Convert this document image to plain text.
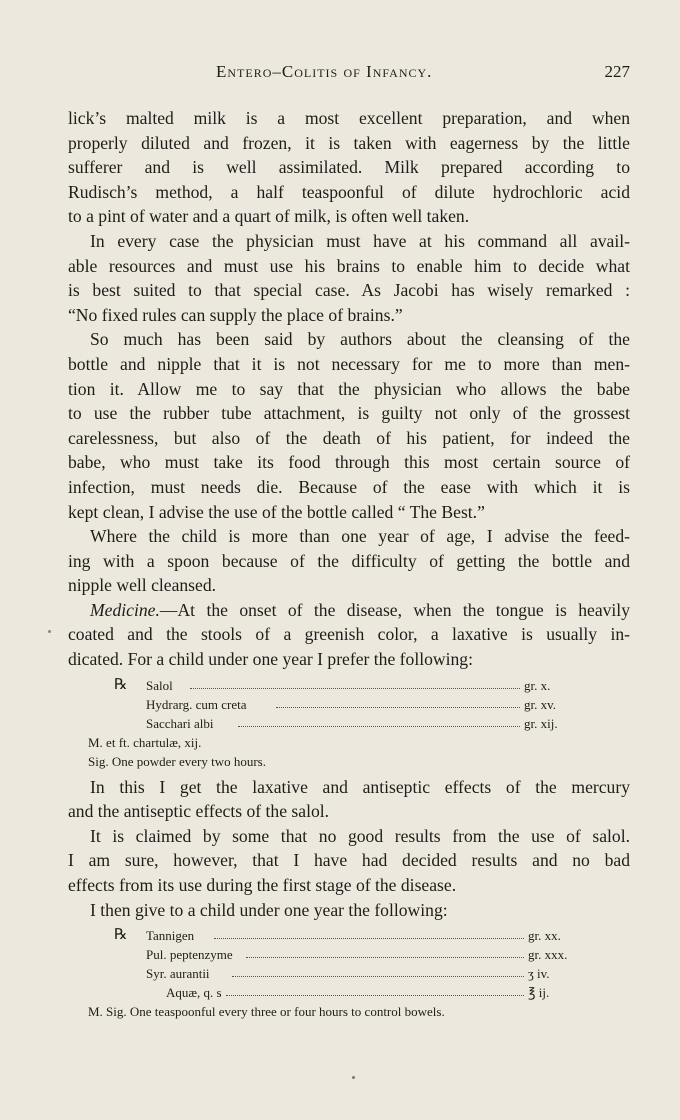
Entero–Colitis of Infancy.	227
lick’s malted milk is a most excellent preparation, and when
properly diluted and frozen, it is taken with eagerness by the little
sufferer and is well assimilated. Milk prepared according to
Rudisch’s method, a half teaspoonful of dilute hydrochloric acid
to a pint of water and a quart of milk, is often well taken.
In every case the physician must have at his command all avail-
able resources and must use his brains to enable him to decide what
is best suited to that special case. As Jacobi has wisely remarked :
“No fixed rules can supply the place of brains.”
So much has been said by authors about the cleansing of the
bottle and nipple that it is not necessary for me to more than men-
tion it. Allow me to say that the physician who allows the babe
to use the rubber tube attachment, is guilty not only of the grossest
carelessness, but also of the death of his patient, for indeed the
babe, who must take its food through this most certain source of
infection, must needs die. Because of the ease with which it is
kept clean, I advise the use of the bottle called “ The Best.”
Where the child is more than one year of age, I advise the feed-
ing with a spoon because of the difficulty of getting the bottle and
nipple well cleansed.
Medicine.—At the onset of the disease, when the tongue is heavily
coated and the stools of a greenish color, a laxative is usually in-
dicated. For a child under one year I prefer the following:
℞ Salol	gr. x.
Hydrarg. cum creta	gr. xv.
Sacchari albi	gr. xij.
M. et ft. chartulæ, xij.
Sig. One powder every two hours.
In this I get the laxative and antiseptic effects of the mercury
and the antiseptic effects of the salol.
It is claimed by some that no good results from the use of salol.
I am sure, however, that I have had decided results and no bad
effects from its use during the first stage of the disease.
I then give to a child under one year the following:
℞ Tannigen	gr. xx.
Pul. peptenzyme	gr. xxx.
Syr. aurantii	ʒ iv.
Aquæ, q. s	℥ ij.
M. Sig. One teaspoonful every three or four hours to control bowels.
